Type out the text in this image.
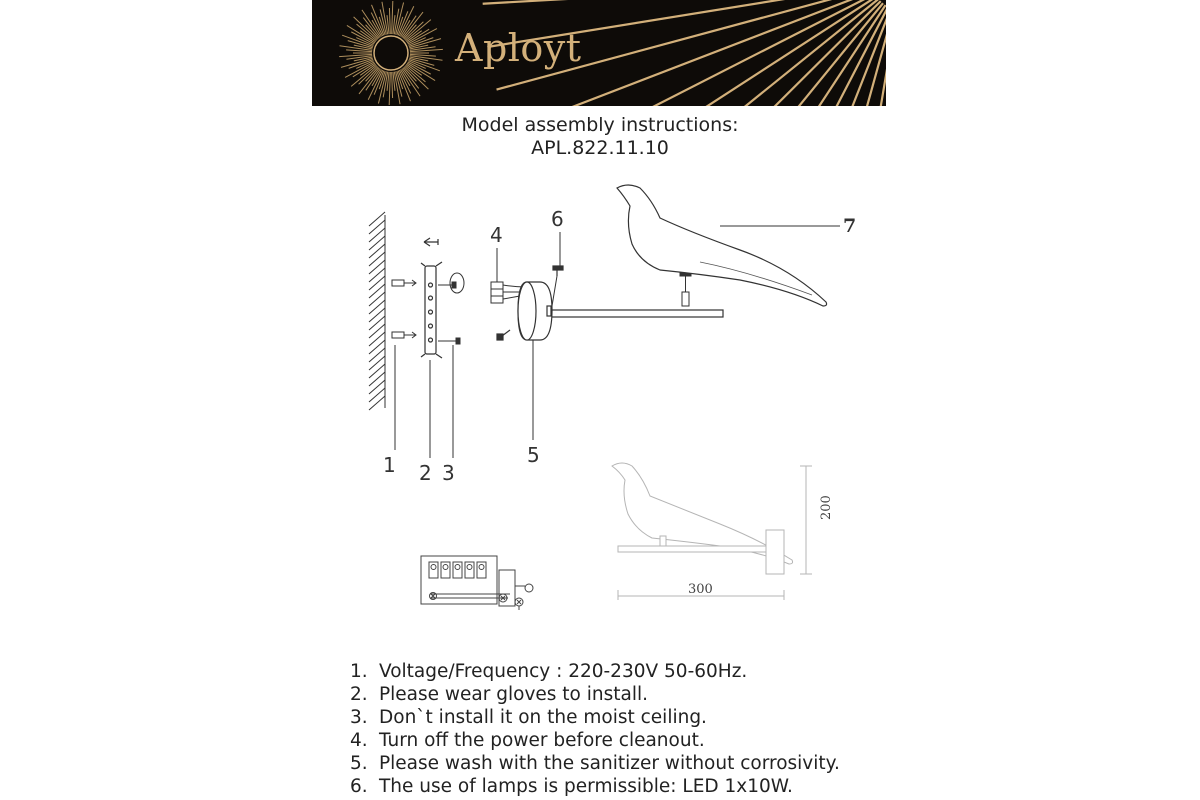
Aployt
Model assembly instructions:
APL.822.11.10
1 2 3
4
5
6	7
200
300
1. Voltage/Frequency : 220-230V 50-60Hz.
2. Please wear gloves to install.
3. Don`t install it on the moist ceiling.
4. Turn off the power before cleanout.
5. Please wash with the sanitizer without corrosivity.
6. The use of lamps is permissible: LED 1x10W.
